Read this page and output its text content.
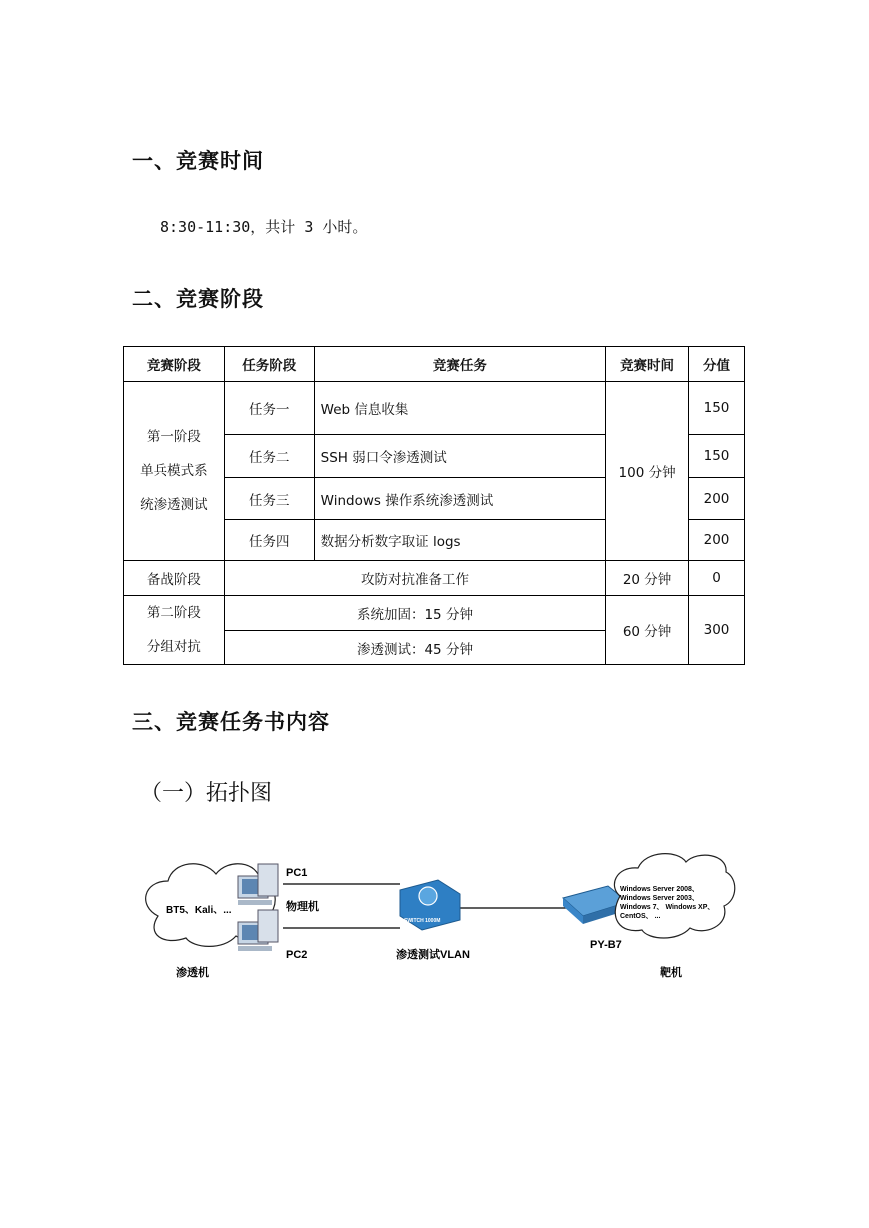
一、竞赛时间
8:30-11:30，共计 3 小时。
二、竞赛阶段
竞赛阶段	任务阶段	竞赛任务	竞赛时间	分值

第一阶段
单兵模式系
统渗透测试	任务一	Web 信息收集	100 分钟	150
	任务二	SSH 弱口令渗透测试		150
	任务三	Windows 操作系统渗透测试		200
	任务四	数据分析数字取证 logs		200
备战阶段	攻防对抗准备工作		20 分钟	0

第二阶段
分组对抗	系统加固：15 分钟		60 分钟	300
	渗透测试：45 分钟			
三、竞赛任务书内容
（一）拓扑图
BT5、Kali、...
PC1
物理机
PC2
渗透机
SWITCH 1000M
渗透测试VLAN
PY-B7
靶机
Windows Server 2008、
Windows Server 2003、
Windows 7、 Windows XP、
CentOS、 ...
